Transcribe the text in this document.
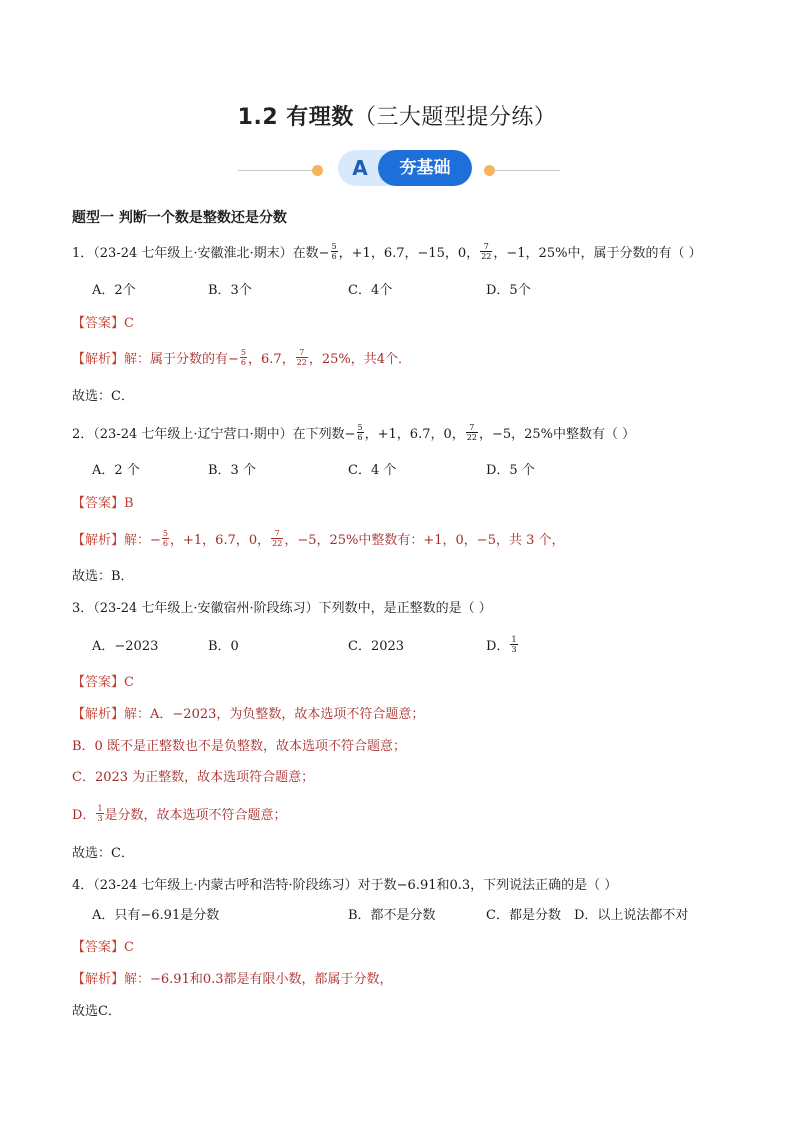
1.2 有理数（三大题型提分练）
A	夯基础
题型一 判断一个数是整数还是分数
1．（23-24 七年级上·安徽淮北·期末）在数− $\frac{5}{6}$ ，+1，6.7，−15，0， $\frac{7}{22}$ ，−1，25%中，属于分数的有（ ）
A．2个	B．3个	C．4个	D．5个
【答案】C
【解析】解：属于分数的有− $\frac{5}{6}$ ，6.7， $\frac{7}{22}$ ，25%，共4个．
故选：C．
2．（23-24 七年级上·辽宁营口·期中）在下列数− $\frac{5}{6}$ ，+1，6.7，0， $\frac{7}{22}$ ，−5，25%中整数有（ ）
A．2 个	B．3 个	C．4 个	D．5 个
【答案】B
【解析】解：− $\frac{5}{6}$ ，+1，6.7，0， $\frac{7}{22}$ ，−5，25%中整数有：+1，0，−5，共 3 个，
故选：B．
3．（23-24 七年级上·安徽宿州·阶段练习）下列数中，是正整数的是（ ）
A．−2023	B．0	C．2023	D． $\frac{1}{3}$
【答案】C
【解析】解：A．−2023，为负整数，故本选项不符合题意；
B．0 既不是正整数也不是负整数，故本选项不符合题意；
C．2023 为正整数，故本选项符合题意；
D． $\frac{1}{3}$ 是分数，故本选项不符合题意；
故选：C．
4．（23-24 七年级上·内蒙古呼和浩特·阶段练习）对于数−6.91和0.3，下列说法正确的是（ ）
A．只有−6.91是分数	B．都不是分数	C．都是分数 D．以上说法都不对
【答案】C
【解析】解：−6.91和0.3都是有限小数，都属于分数，
故选C．
